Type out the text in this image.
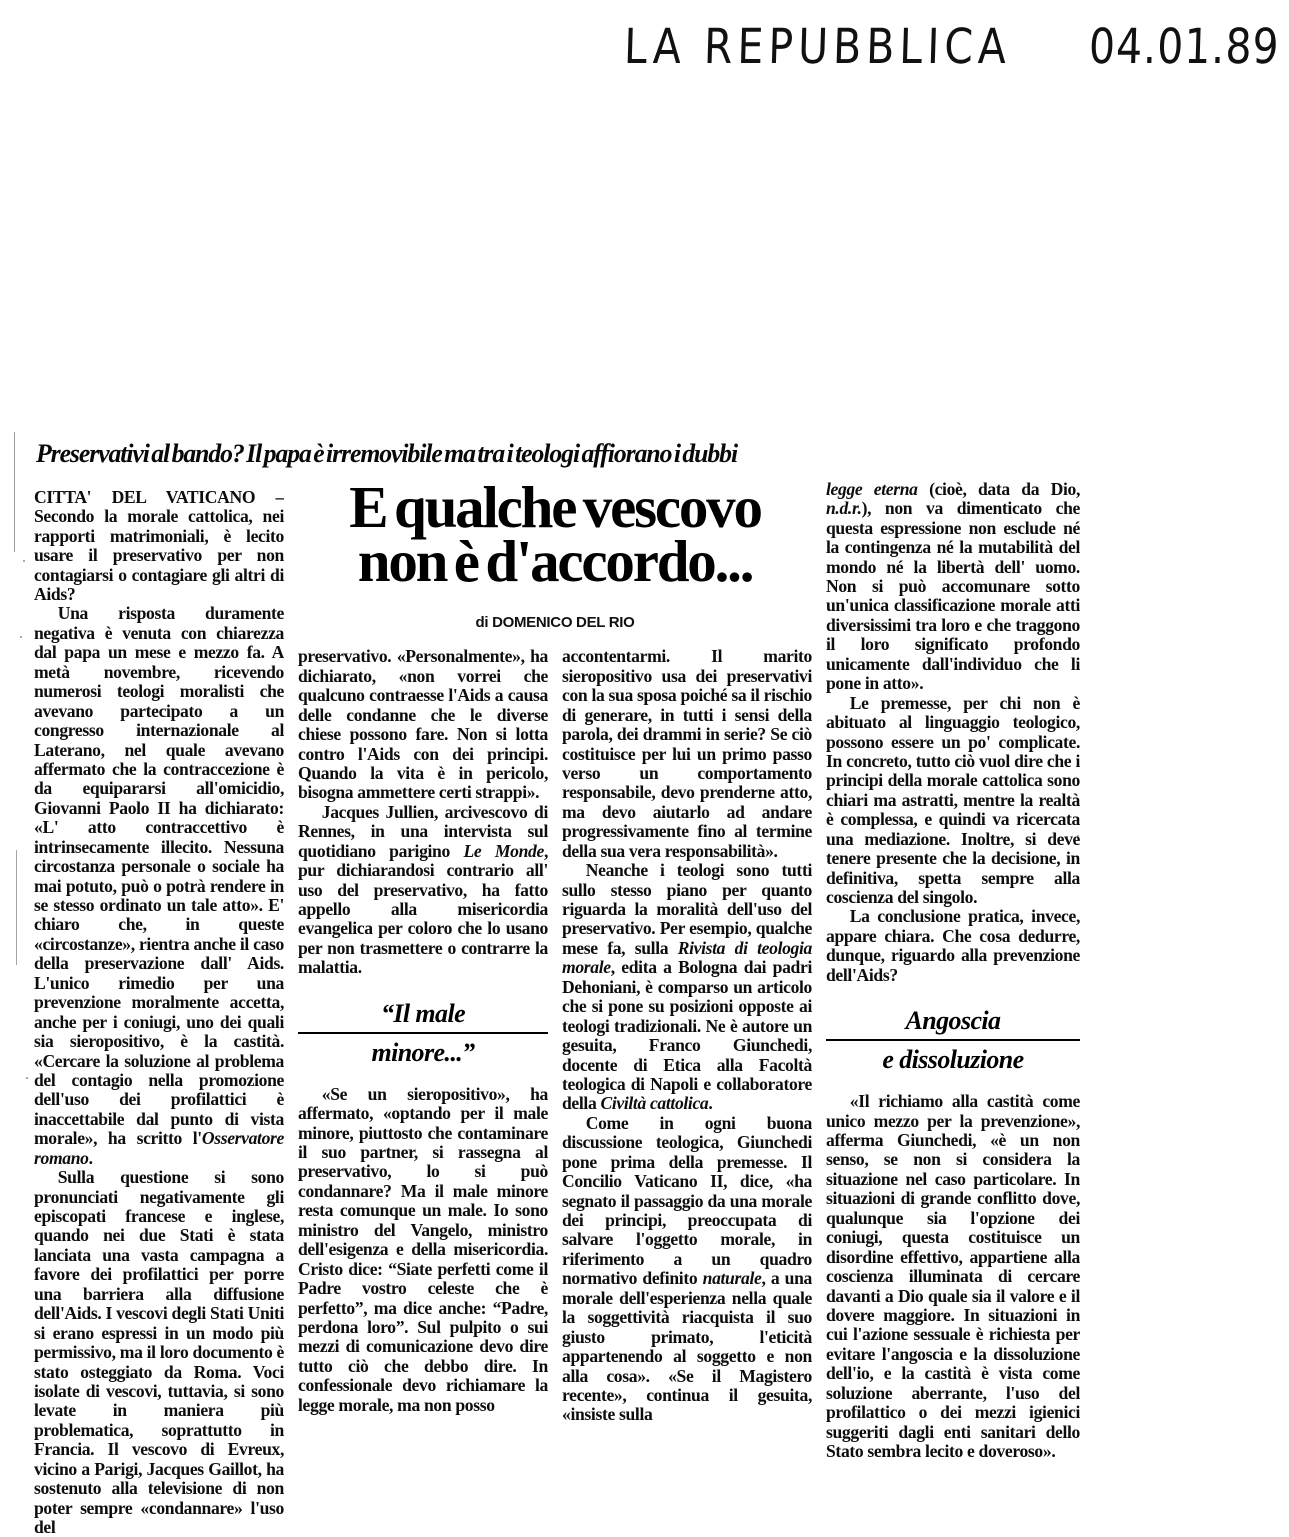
LA REPUBBLICA 04.01.89
Preservativi al bando? Il papa è irremovibile ma tra i teologi affiorano i dubbi

CITTA' DEL VATICANO – Secondo la morale cattolica, nei rapporti matrimoniali, è lecito usare il preservativo per non contagiarsi o contagiare gli altri di Aids?

Una risposta duramente negativa è venuta con chiarezza dal papa un mese e mezzo fa. A metà novembre, ricevendo numerosi teologi moralisti che avevano partecipato a un congresso internazionale al Laterano, nel quale avevano affermato che la contraccezione è da equipararsi all'omicidio, Giovanni Paolo II ha dichiarato: «L' atto contraccettivo è intrinsecamente illecito. Nessuna circostanza personale o sociale ha mai potuto, può o potrà rendere in se stesso ordinato un tale atto». E' chiaro che, in queste «circostanze», rientra anche il caso della preservazione dall' Aids. L'unico rimedio per una prevenzione moralmente accetta, anche per i coniugi, uno dei quali sia sieropositivo, è la castità. «Cercare la soluzione al problema del contagio nella promozione dell'uso dei profilattici è inaccettabile dal punto di vista morale», ha scritto l'Osservatore romano.

Sulla questione si sono pronunciati negativamente gli episcopati francese e inglese, quando nei due Stati è stata lanciata una vasta campagna a favore dei profilattici per porre una barriera alla diffusione dell'Aids. I vescovi degli Stati Uniti si erano espressi in un modo più permissivo, ma il loro documento è stato osteggiato da Roma. Voci isolate di vescovi, tuttavia, si sono levate in maniera più problematica, soprattutto in Francia. Il vescovo di Evreux, vicino a Parigi, Jacques Gaillot, ha sostenuto alla televisione di non poter sempre «condannare» l'uso del

E qualche vescovo
non è d'accordo...
di DOMENICO DEL RIO

preservativo. «Personalmente», ha dichiarato, «non vorrei che qualcuno contraesse l'Aids a causa delle condanne che le diverse chiese possono fare. Non si lotta contro l'Aids con dei principi. Quando la vita è in pericolo, bisogna ammettere certi strappi».

Jacques Jullien, arcivescovo di Rennes, in una intervista sul quotidiano parigino Le Monde, pur dichiarandosi contrario all' uso del preservativo, ha fatto appello alla misericordia evangelica per coloro che lo usano per non trasmettere o contrarre la malattia.

“Il male
minore...”

«Se un sieropositivo», ha affermato, «optando per il male minore, piuttosto che contaminare il suo partner, si rassegna al preservativo, lo si può condannare? Ma il male minore resta comunque un male. Io sono ministro del Vangelo, ministro dell'esigenza e della misericordia. Cristo dice: “Siate perfetti come il Padre vostro celeste che è perfetto”, ma dice anche: “Padre, perdona loro”. Sul pulpito o sui mezzi di comunicazione devo dire tutto ciò che debbo dire. In confessionale devo richiamare la legge morale, ma non posso

accontentarmi. Il marito sieropositivo usa dei preservativi con la sua sposa poiché sa il rischio di generare, in tutti i sensi della parola, dei drammi in serie? Se ciò costituisce per lui un primo passo verso un comportamento responsabile, devo prenderne atto, ma devo aiutarlo ad andare progressivamente fino al termine della sua vera responsabilità».

Neanche i teologi sono tutti sullo stesso piano per quanto riguarda la moralità dell'uso del preservativo. Per esempio, qualche mese fa, sulla Rivista di teologia morale, edita a Bologna dai padri Dehoniani, è comparso un articolo che si pone su posizioni opposte ai teologi tradizionali. Ne è autore un gesuita, Franco Giunchedi, docente di Etica alla Facoltà teologica di Napoli e collaboratore della Civiltà cattolica.

Come in ogni buona discussione teologica, Giunchedi pone prima della premesse. Il Concilio Vaticano II, dice, «ha segnato il passaggio da una morale dei principi, preoccupata di salvare l'oggetto morale, in riferimento a un quadro normativo definito naturale, a una morale dell'esperienza nella quale la soggettività riacquista il suo giusto primato, l'eticità appartenendo al soggetto e non alla cosa». «Se il Magistero recente», continua il gesuita, «insiste sulla

legge eterna (cioè, data da Dio, n.d.r.), non va dimenticato che questa espressione non esclude né la contingenza né la mutabilità del mondo né la libertà dell' uomo. Non si può accomunare sotto un'unica classificazione morale atti diversissimi tra loro e che traggono il loro significato profondo unicamente dall'individuo che li pone in atto».

Le premesse, per chi non è abituato al linguaggio teologico, possono essere un po' complicate. In concreto, tutto ciò vuol dire che i principi della morale cattolica sono chiari ma astratti, mentre la realtà è complessa, e quindi va ricercata una mediazione. Inoltre, si deve tenere presente che la decisione, in definitiva, spetta sempre alla coscienza del singolo.

La conclusione pratica, invece, appare chiara. Che cosa dedurre, dunque, riguardo alla prevenzione dell'Aids?

Angoscia
e dissoluzione

«Il richiamo alla castità come unico mezzo per la prevenzione», afferma Giunchedi, «è un non senso, se non si considera la situazione nel caso particolare. In situazioni di grande conflitto dove, qualunque sia l'opzione dei coniugi, questa costituisce un disordine effettivo, appartiene alla coscienza illuminata di cercare davanti a Dio quale sia il valore e il dovere maggiore. In situazioni in cui l'azione sessuale è richiesta per evitare l'angoscia e la dissoluzione dell'io, e la castità è vista come soluzione aberrante, l'uso del profilattico o dei mezzi igienici suggeriti dagli enti sanitari dello Stato sembra lecito e doveroso».
